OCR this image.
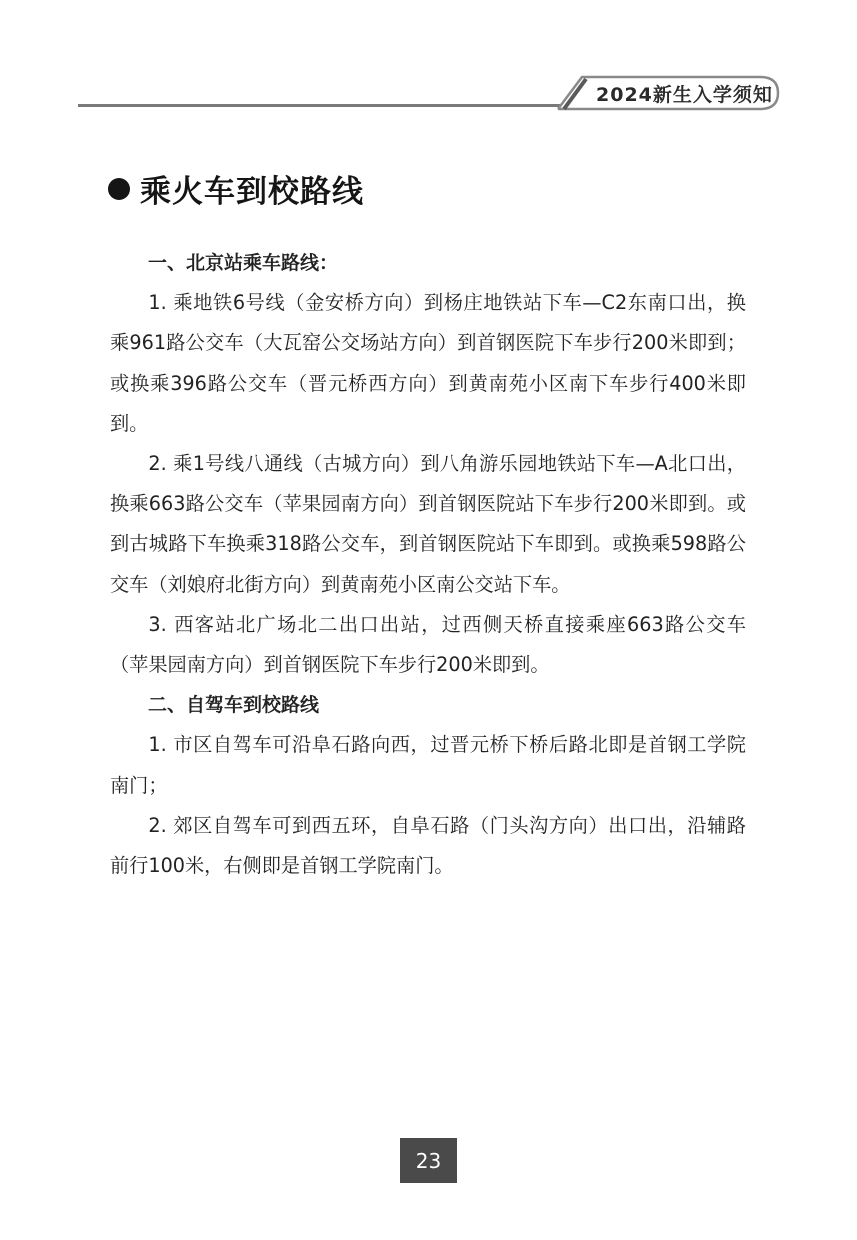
2024新生入学须知
乘火车到校路线

一、北京站乘车路线：

1. 乘地铁6号线（金安桥方向）到杨庄地铁站下车—C2东南口出，换乘961路公交车（大瓦窑公交场站方向）到首钢医院下车步行200米即到；或换乘396路公交车（晋元桥西方向）到黄南苑小区南下车步行400米即到。

2. 乘1号线八通线（古城方向）到八角游乐园地铁站下车—A北口出，换乘663路公交车（苹果园南方向）到首钢医院站下车步行200米即到。或到古城路下车换乘318路公交车，到首钢医院站下车即到。或换乘598路公交车（刘娘府北街方向）到黄南苑小区南公交站下车。

3. 西客站北广场北二出口出站，过西侧天桥直接乘座663路公交车（苹果园南方向）到首钢医院下车步行200米即到。

二、自驾车到校路线

1. 市区自驾车可沿阜石路向西，过晋元桥下桥后路北即是首钢工学院南门；

2. 郊区自驾车可到西五环，自阜石路（门头沟方向）出口出，沿辅路前行100米，右侧即是首钢工学院南门。

23
